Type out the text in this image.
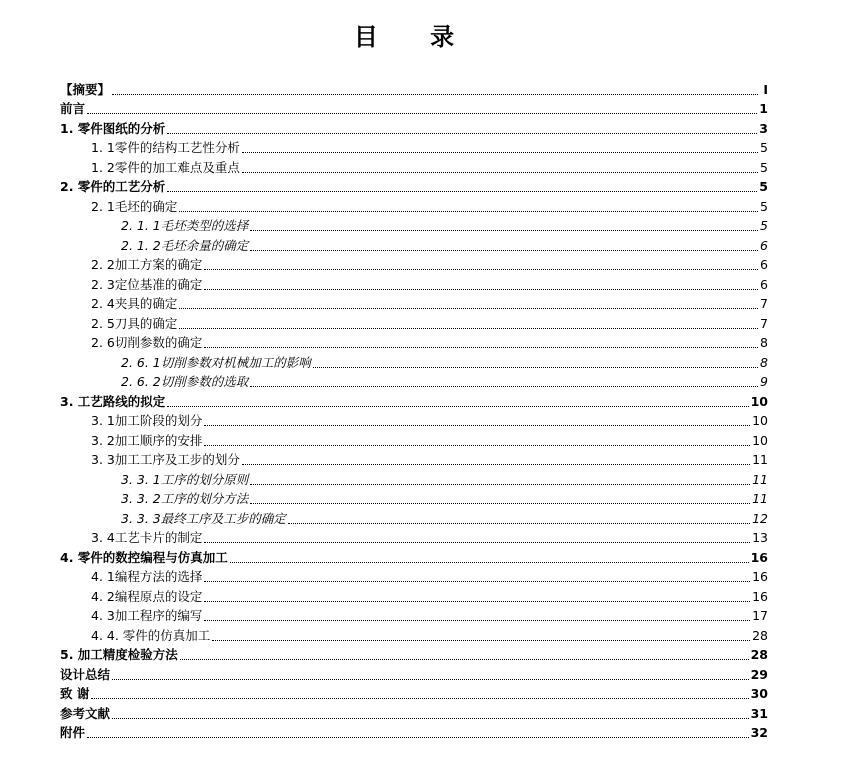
目 录
【摘要】	I
前言	1
1. 零件图纸的分析	3
1. 1零件的结构工艺性分析	5
1. 2零件的加工难点及重点	5
2. 零件的工艺分析	5
2. 1毛坯的确定	5
2. 1. 1毛坯类型的选择	5
2. 1. 2毛坯余量的确定	6
2. 2加工方案的确定	6
2. 3定位基准的确定	6
2. 4夹具的确定	7
2. 5刀具的确定	7
2. 6切削参数的确定	8
2. 6. 1切削参数对机械加工的影响	8
2. 6. 2切削参数的选取	9
3. 工艺路线的拟定	10
3. 1加工阶段的划分	10
3. 2加工顺序的安排	10
3. 3加工工序及工步的划分	11
3. 3. 1工序的划分原则	11
3. 3. 2工序的划分方法	11
3. 3. 3最终工序及工步的确定	12
3. 4工艺卡片的制定	13
4. 零件的数控编程与仿真加工	16
4. 1编程方法的选择	16
4. 2编程原点的设定	16
4. 3加工程序的编写	17
4. 4. 零件的仿真加工	28
5. 加工精度检验方法	28
设计总结	29
致 谢	30
参考文献	31
附件	32
